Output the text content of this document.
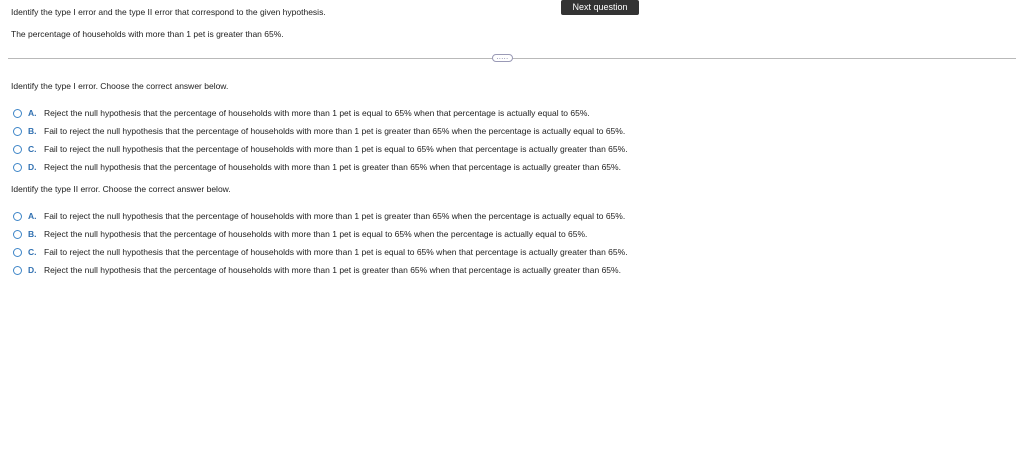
Identify the type I error and the type II error that correspond to the given hypothesis.
The percentage of households with more than 1 pet is greater than 65%.
Next question
.....
Identify the type I error. Choose the correct answer below.
A. Reject the null hypothesis that the percentage of households with more than 1 pet is equal to 65% when that percentage is actually equal to 65%.
B. Fail to reject the null hypothesis that the percentage of households with more than 1 pet is greater than 65% when the percentage is actually equal to 65%.
C. Fail to reject the null hypothesis that the percentage of households with more than 1 pet is equal to 65% when that percentage is actually greater than 65%.
D. Reject the null hypothesis that the percentage of households with more than 1 pet is greater than 65% when that percentage is actually greater than 65%.
Identify the type II error. Choose the correct answer below.
A. Fail to reject the null hypothesis that the percentage of households with more than 1 pet is greater than 65% when the percentage is actually equal to 65%.
B. Reject the null hypothesis that the percentage of households with more than 1 pet is equal to 65% when the percentage is actually equal to 65%.
C. Fail to reject the null hypothesis that the percentage of households with more than 1 pet is equal to 65% when that percentage is actually greater than 65%.
D. Reject the null hypothesis that the percentage of households with more than 1 pet is greater than 65% when that percentage is actually greater than 65%.
